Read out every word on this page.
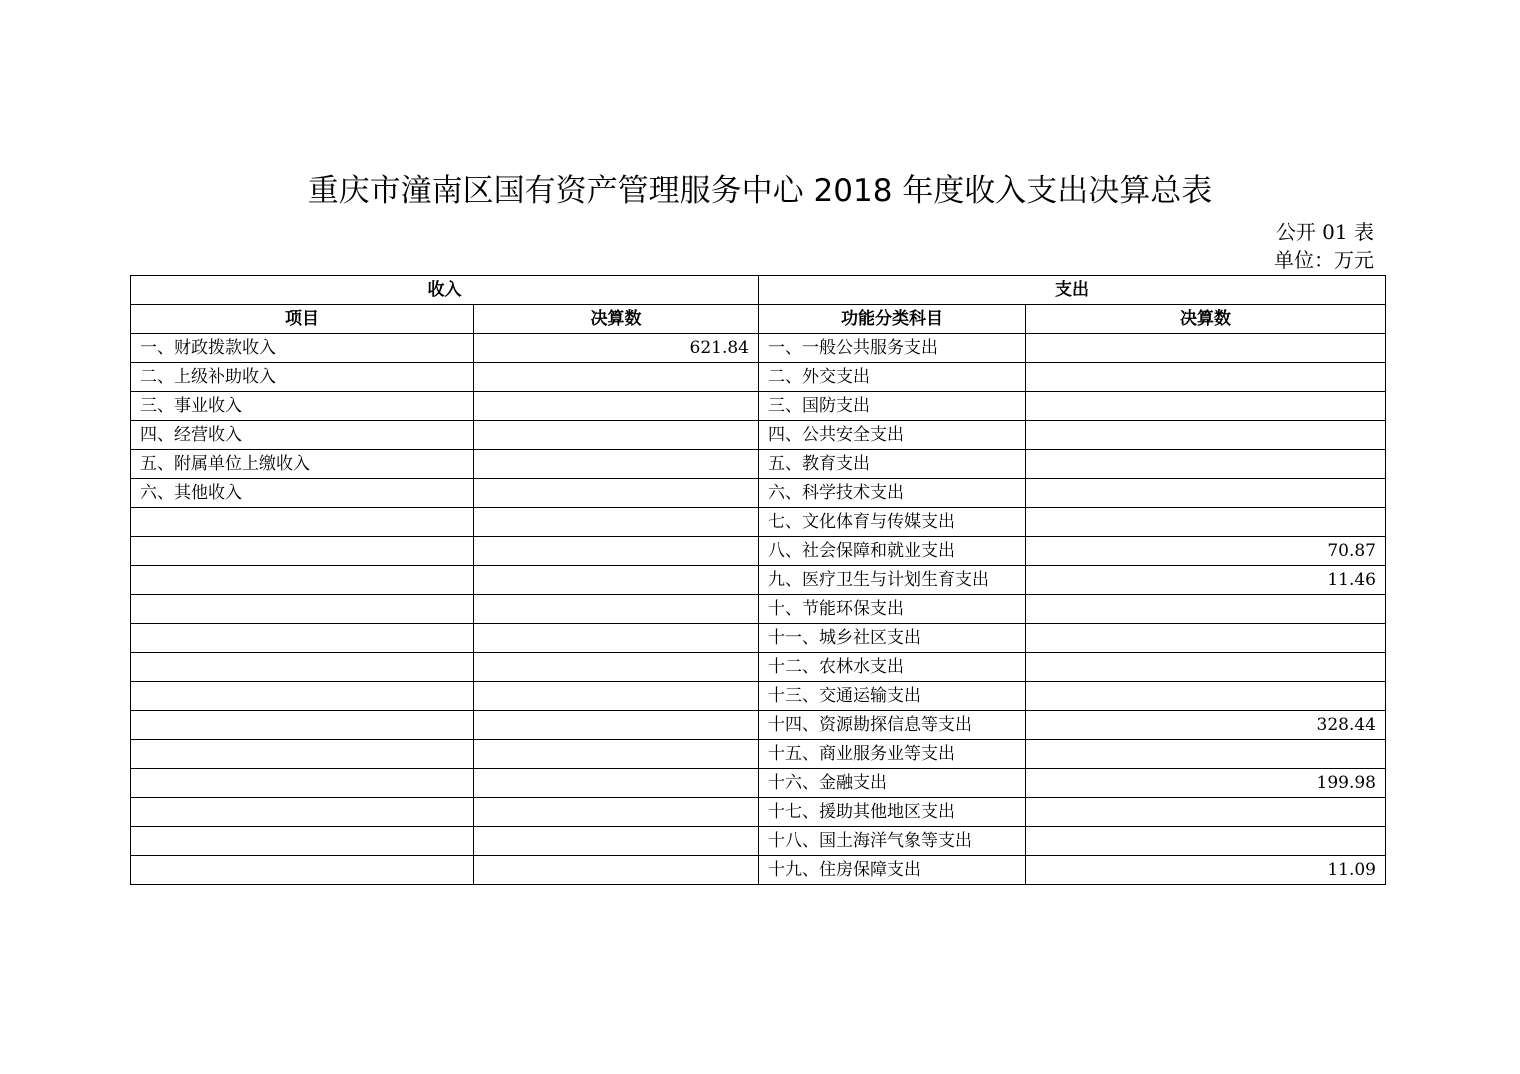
重庆市潼南区国有资产管理服务中心 2018 年度收入支出决算总表
公开 01 表
单位：万元
收入		支出	
项目	决算数	功能分类科目	决算数
一、财政拨款收入	621.84	一、一般公共服务支出	
二、上级补助收入		二、外交支出	
三、事业收入		三、国防支出	
四、经营收入		四、公共安全支出	
五、附属单位上缴收入		五、教育支出	
六、其他收入		六、科学技术支出	
		七、文化体育与传媒支出	
		八、社会保障和就业支出	70.87
		九、医疗卫生与计划生育支出	11.46
		十、节能环保支出	
		十一、城乡社区支出	
		十二、农林水支出	
		十三、交通运输支出	
		十四、资源勘探信息等支出	328.44
		十五、商业服务业等支出	
		十六、金融支出	199.98
		十七、援助其他地区支出	
		十八、国土海洋气象等支出	
		十九、住房保障支出	11.09
